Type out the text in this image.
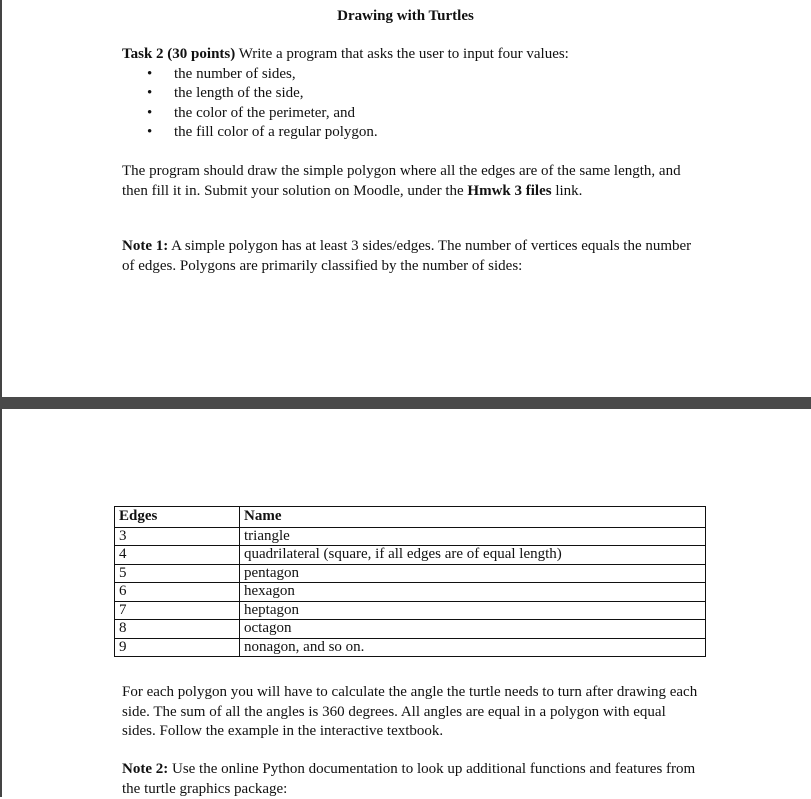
Drawing with Turtles
Task 2 (30 points) Write a program that asks the user to input four values:
• the number of sides,
• the length of the side,
• the color of the perimeter, and
• the fill color of a regular polygon.
The program should draw the simple polygon where all the edges are of the same length, and then fill it in. Submit your solution on Moodle, under the Hmwk 3 files link.
Note 1: A simple polygon has at least 3 sides/edges. The number of vertices equals the number of edges. Polygons are primarily classified by the number of sides:
Edges	Name
3	triangle
4	quadrilateral (square, if all edges are of equal length)
5	pentagon
6	hexagon
7	heptagon
8	octagon
9	nonagon, and so on.
For each polygon you will have to calculate the angle the turtle needs to turn after drawing each side. The sum of all the angles is 360 degrees. All angles are equal in a polygon with equal sides. Follow the example in the interactive textbook.
Note 2: Use the online Python documentation to look up additional functions and features from the turtle graphics package:
